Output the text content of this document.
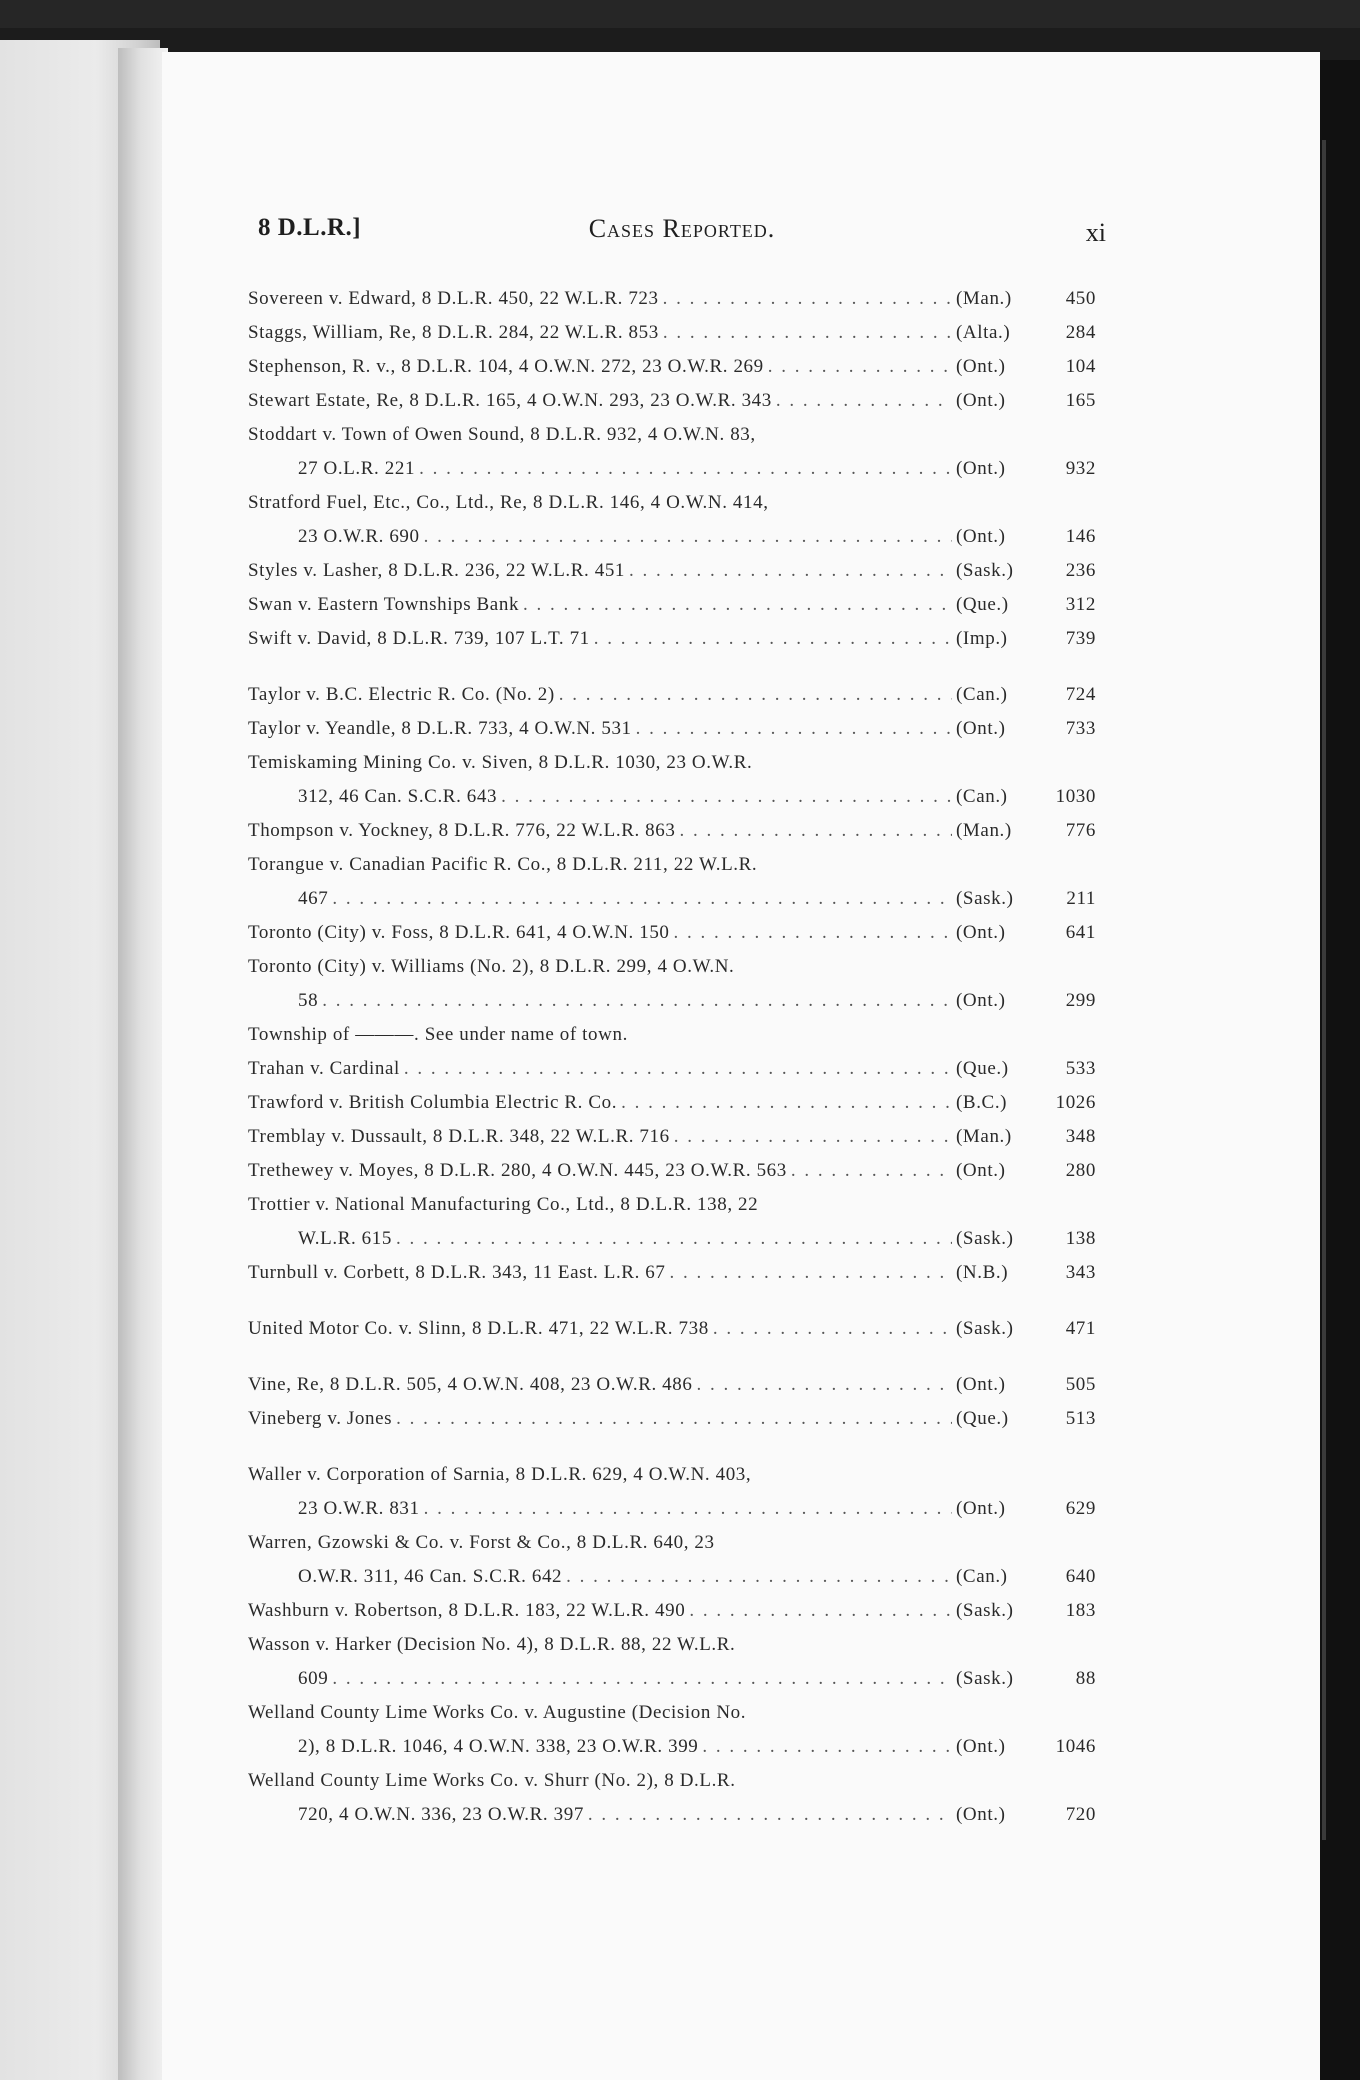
8 D.L.R.]	Cases Reported.	xi
Sovereen v. Edward, 8 D.L.R. 450, 22 W.L.R. 723 . . .	(Man.)	450
Staggs, William, Re, 8 D.L.R. 284, 22 W.L.R. 853 . . .	(Alta.)	284
Stephenson, R. v., 8 D.L.R. 104, 4 O.W.N. 272, 23 O.W.R. 269 . . .	(Ont.)	104
Stewart Estate, Re, 8 D.L.R. 165, 4 O.W.N. 293, 23 O.W.R. 343 . . .	(Ont.)	165
Stoddart v. Town of Owen Sound, 8 D.L.R. 932, 4 O.W.N. 83,
27 O.L.R. 221 . . .	(Ont.)	932
Stratford Fuel, Etc., Co., Ltd., Re, 8 D.L.R. 146, 4 O.W.N. 414,
23 O.W.R. 690 . . .	(Ont.)	146
Styles v. Lasher, 8 D.L.R. 236, 22 W.L.R. 451 . . .	(Sask.)	236
Swan v. Eastern Townships Bank . . .	(Que.)	312
Swift v. David, 8 D.L.R. 739, 107 L.T. 71 . . .	(Imp.)	739
Taylor v. B.C. Electric R. Co. (No. 2) . . .	(Can.)	724
Taylor v. Yeandle, 8 D.L.R. 733, 4 O.W.N. 531 . . .	(Ont.)	733
Temiskaming Mining Co. v. Siven, 8 D.L.R. 1030, 23 O.W.R.
312, 46 Can. S.C.R. 643 . . .	(Can.)	1030
Thompson v. Yockney, 8 D.L.R. 776, 22 W.L.R. 863 . . .	(Man.)	776
Torangue v. Canadian Pacific R. Co., 8 D.L.R. 211, 22 W.L.R.
467 . . .	(Sask.)	211
Toronto (City) v. Foss, 8 D.L.R. 641, 4 O.W.N. 150 . . .	(Ont.)	641
Toronto (City) v. Williams (No. 2), 8 D.L.R. 299, 4 O.W.N.
58 . . .	(Ont.)	299
Township of ———. See under name of town.
Trahan v. Cardinal . . .	(Que.)	533
Trawford v. British Columbia Electric R. Co. . . .	(B.C.)	1026
Tremblay v. Dussault, 8 D.L.R. 348, 22 W.L.R. 716 . . .	(Man.)	348
Trethewey v. Moyes, 8 D.L.R. 280, 4 O.W.N. 445, 23 O.W.R. 563 . . .	(Ont.)	280
Trottier v. National Manufacturing Co., Ltd., 8 D.L.R. 138, 22
W.L.R. 615 . . .	(Sask.)	138
Turnbull v. Corbett, 8 D.L.R. 343, 11 East. L.R. 67 . . .	(N.B.)	343
United Motor Co. v. Slinn, 8 D.L.R. 471, 22 W.L.R. 738 . . .	(Sask.)	471
Vine, Re, 8 D.L.R. 505, 4 O.W.N. 408, 23 O.W.R. 486 . . .	(Ont.)	505
Vineberg v. Jones . . .	(Que.)	513
Waller v. Corporation of Sarnia, 8 D.L.R. 629, 4 O.W.N. 403,
23 O.W.R. 831 . . .	(Ont.)	629
Warren, Gzowski & Co. v. Forst & Co., 8 D.L.R. 640, 23
O.W.R. 311, 46 Can. S.C.R. 642 . . .	(Can.)	640
Washburn v. Robertson, 8 D.L.R. 183, 22 W.L.R. 490 . . .	(Sask.)	183
Wasson v. Harker (Decision No. 4), 8 D.L.R. 88, 22 W.L.R.
609 . . .	(Sask.)	88
Welland County Lime Works Co. v. Augustine (Decision No.
2), 8 D.L.R. 1046, 4 O.W.N. 338, 23 O.W.R. 399 . . .	(Ont.)	1046
Welland County Lime Works Co. v. Shurr (No. 2), 8 D.L.R.
720, 4 O.W.N. 336, 23 O.W.R. 397 . . .	(Ont.)	720
